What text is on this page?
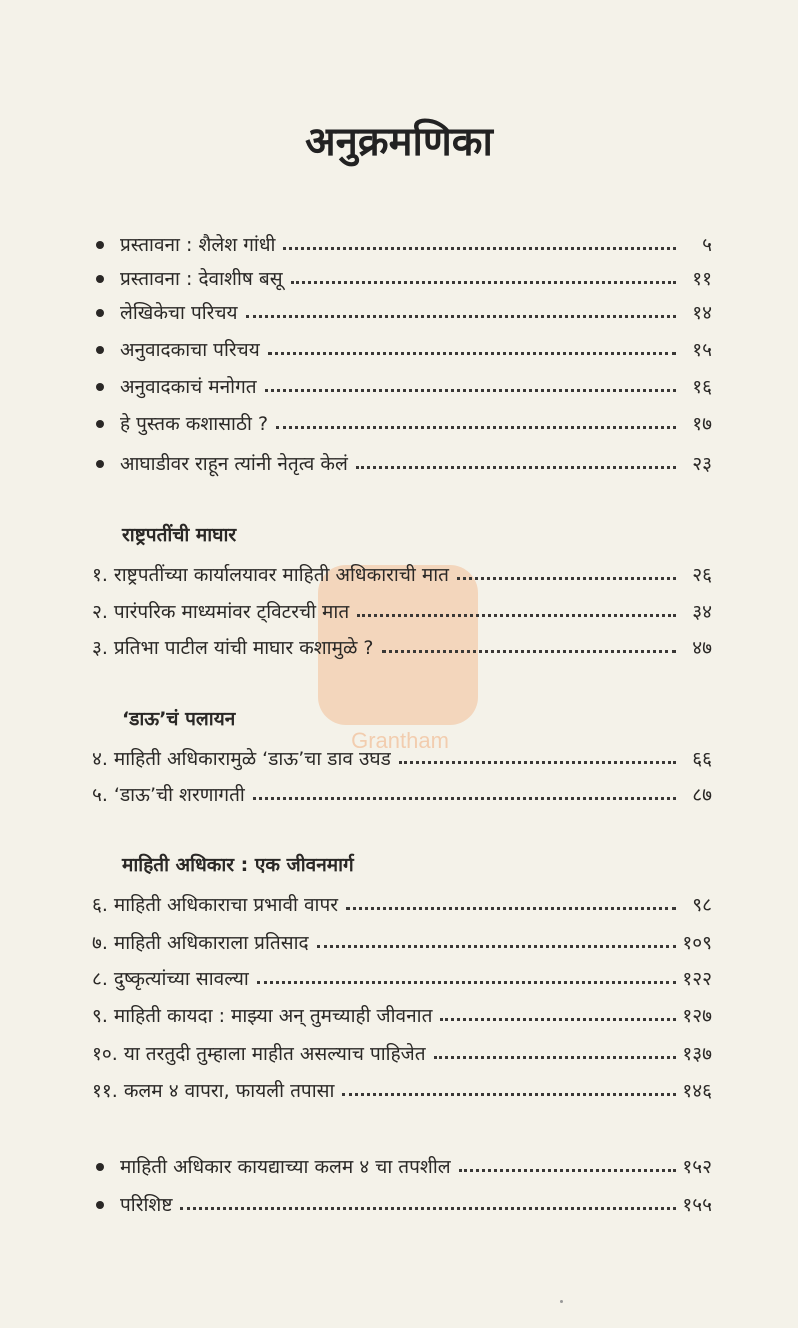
Grantham
अनुक्रमणिका
प्रस्तावना : शैलेश गांधी	५
प्रस्तावना : देवाशीष बसू	११
लेखिकेचा परिचय	१४
अनुवादकाचा परिचय	१५
अनुवादकाचं मनोगत	१६
हे पुस्तक कशासाठी ?	१७
आघाडीवर राहून त्यांनी नेतृत्व केलं	२३
राष्ट्रपतींची माघार
१. राष्ट्रपतींच्या कार्यालयावर माहिती अधिकाराची मात	२६
२. पारंपरिक माध्यमांवर ट्विटरची मात	३४
३. प्रतिभा पाटील यांची माघार कशामुळे ?	४७
‘डाऊ’चं पलायन
४. माहिती अधिकारामुळे ‘डाऊ’चा डाव उघड	६६
५. ‘डाऊ’ची शरणागती	८७
माहिती अधिकार : एक जीवनमार्ग
६. माहिती अधिकाराचा प्रभावी वापर	९८
७. माहिती अधिकाराला प्रतिसाद	१०९
८. दुष्कृत्यांच्या सावल्या	१२२
९. माहिती कायदा : माझ्या अन् तुमच्याही जीवनात	१२७
१०. या तरतुदी तुम्हाला माहीत असल्याच पाहिजेत	१३७
११. कलम ४ वापरा, फायली तपासा	१४६
माहिती अधिकार कायद्याच्या कलम ४ चा तपशील	१५२
परिशिष्ट	१५५
